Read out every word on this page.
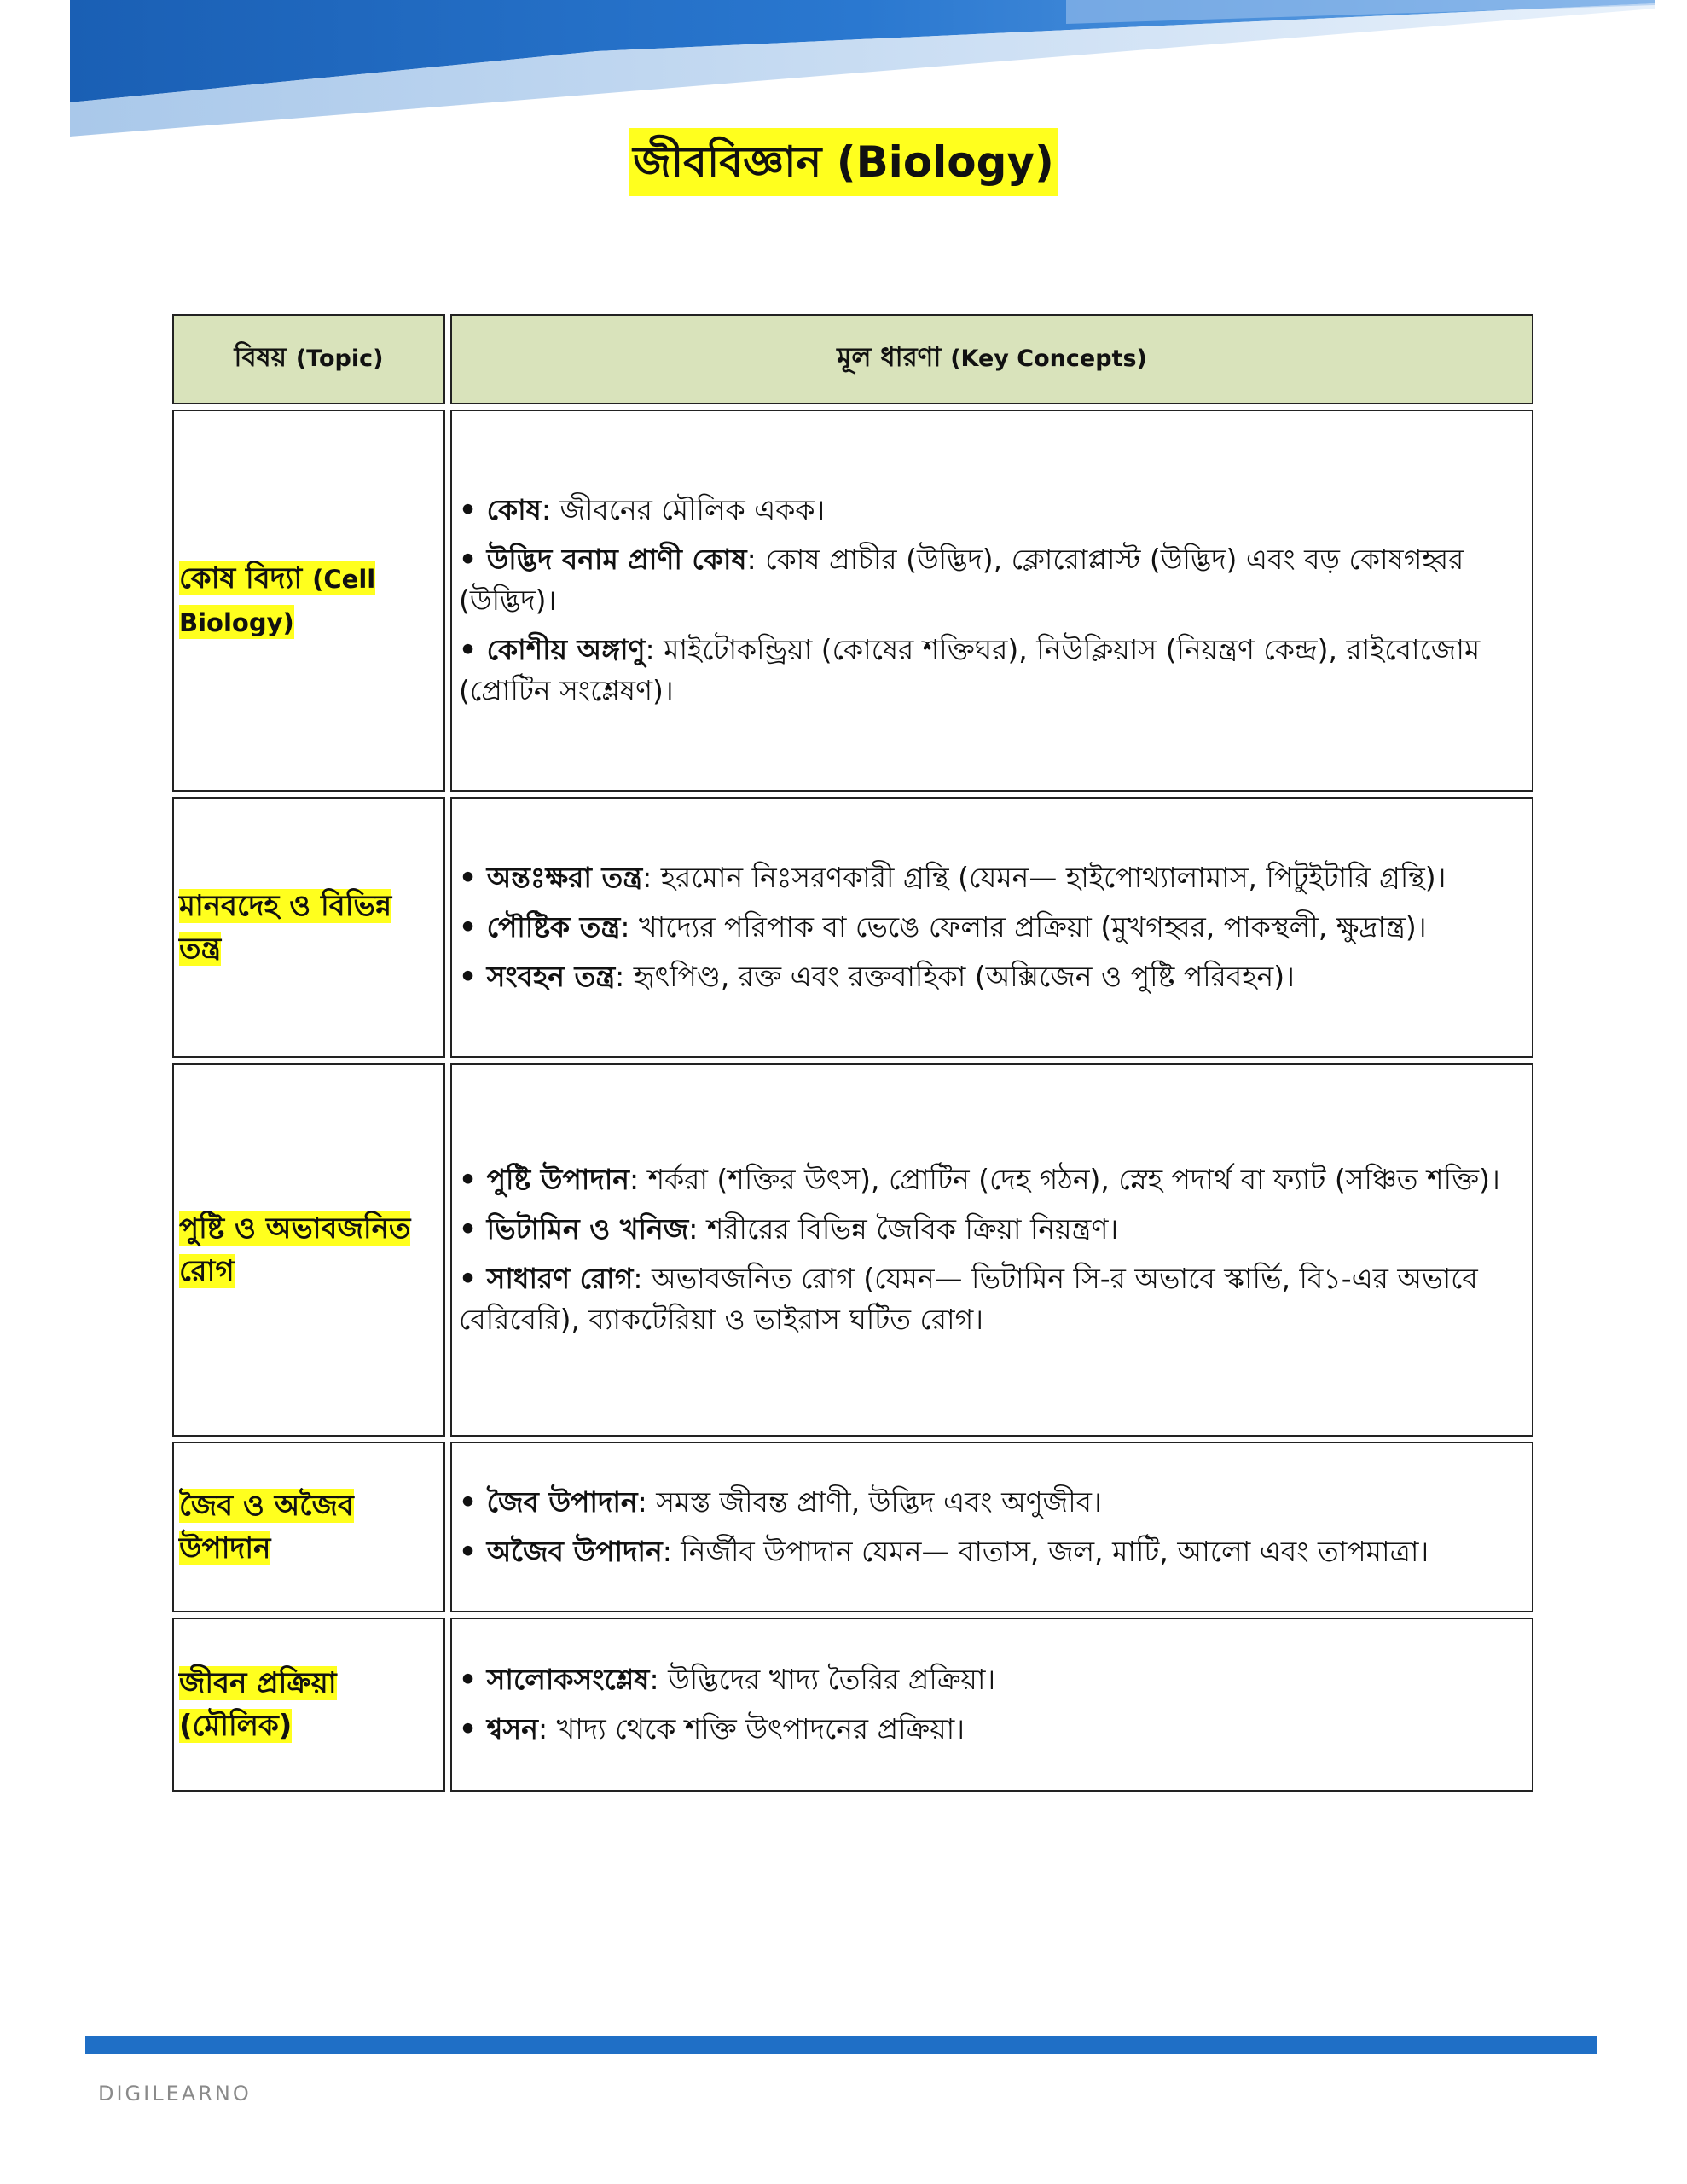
জীববিজ্ঞান (Biology)
বিষয় (Topic)	মূল ধারণা (Key Concepts)
কোষ বিদ্যা (Cell Biology)	• কোষ: জীবনের মৌলিক একক।
• উদ্ভিদ বনাম প্রাণী কোষ: কোষ প্রাচীর (উদ্ভিদ), ক্লোরোপ্লাস্ট (উদ্ভিদ) এবং বড় কোষগহ্বর (উদ্ভিদ)।
• কোশীয় অঙ্গাণু: মাইটোকন্ড্রিয়া (কোষের শক্তিঘর), নিউক্লিয়াস (নিয়ন্ত্রণ কেন্দ্র), রাইবোজোম (প্রোটিন সংশ্লেষণ)।

মানবদেহ ও বিভিন্ন তন্ত্র	• অন্তঃক্ষরা তন্ত্র: হরমোন নিঃসরণকারী গ্রন্থি (যেমন— হাইপোথ্যালামাস, পিটুইটারি গ্রন্থি)।
• পৌষ্টিক তন্ত্র: খাদ্যের পরিপাক বা ভেঙে ফেলার প্রক্রিয়া (মুখগহ্বর, পাকস্থলী, ক্ষুদ্রান্ত্র)।
• সংবহন তন্ত্র: হৃৎপিণ্ড, রক্ত এবং রক্তবাহিকা (অক্সিজেন ও পুষ্টি পরিবহন)।

পুষ্টি ও অভাবজনিত রোগ	• পুষ্টি উপাদান: শর্করা (শক্তির উৎস), প্রোটিন (দেহ গঠন), স্নেহ পদার্থ বা ফ্যাট (সঞ্চিত শক্তি)।
• ভিটামিন ও খনিজ: শরীরের বিভিন্ন জৈবিক ক্রিয়া নিয়ন্ত্রণ।
• সাধারণ রোগ: অভাবজনিত রোগ (যেমন— ভিটামিন সি-র অভাবে স্কার্ভি, বি১-এর অভাবে বেরিবেরি), ব্যাকটেরিয়া ও ভাইরাস ঘটিত রোগ।

জৈব ও অজৈব উপাদান	• জৈব উপাদান: সমস্ত জীবন্ত প্রাণী, উদ্ভিদ এবং অণুজীব।
• অজৈব উপাদান: নির্জীব উপাদান যেমন— বাতাস, জল, মাটি, আলো এবং তাপমাত্রা।

জীবন প্রক্রিয়া (মৌলিক)	• সালোকসংশ্লেষ: উদ্ভিদের খাদ্য তৈরির প্রক্রিয়া।
• শ্বসন: খাদ্য থেকে শক্তি উৎপাদনের প্রক্রিয়া।
DIGILEARNO
